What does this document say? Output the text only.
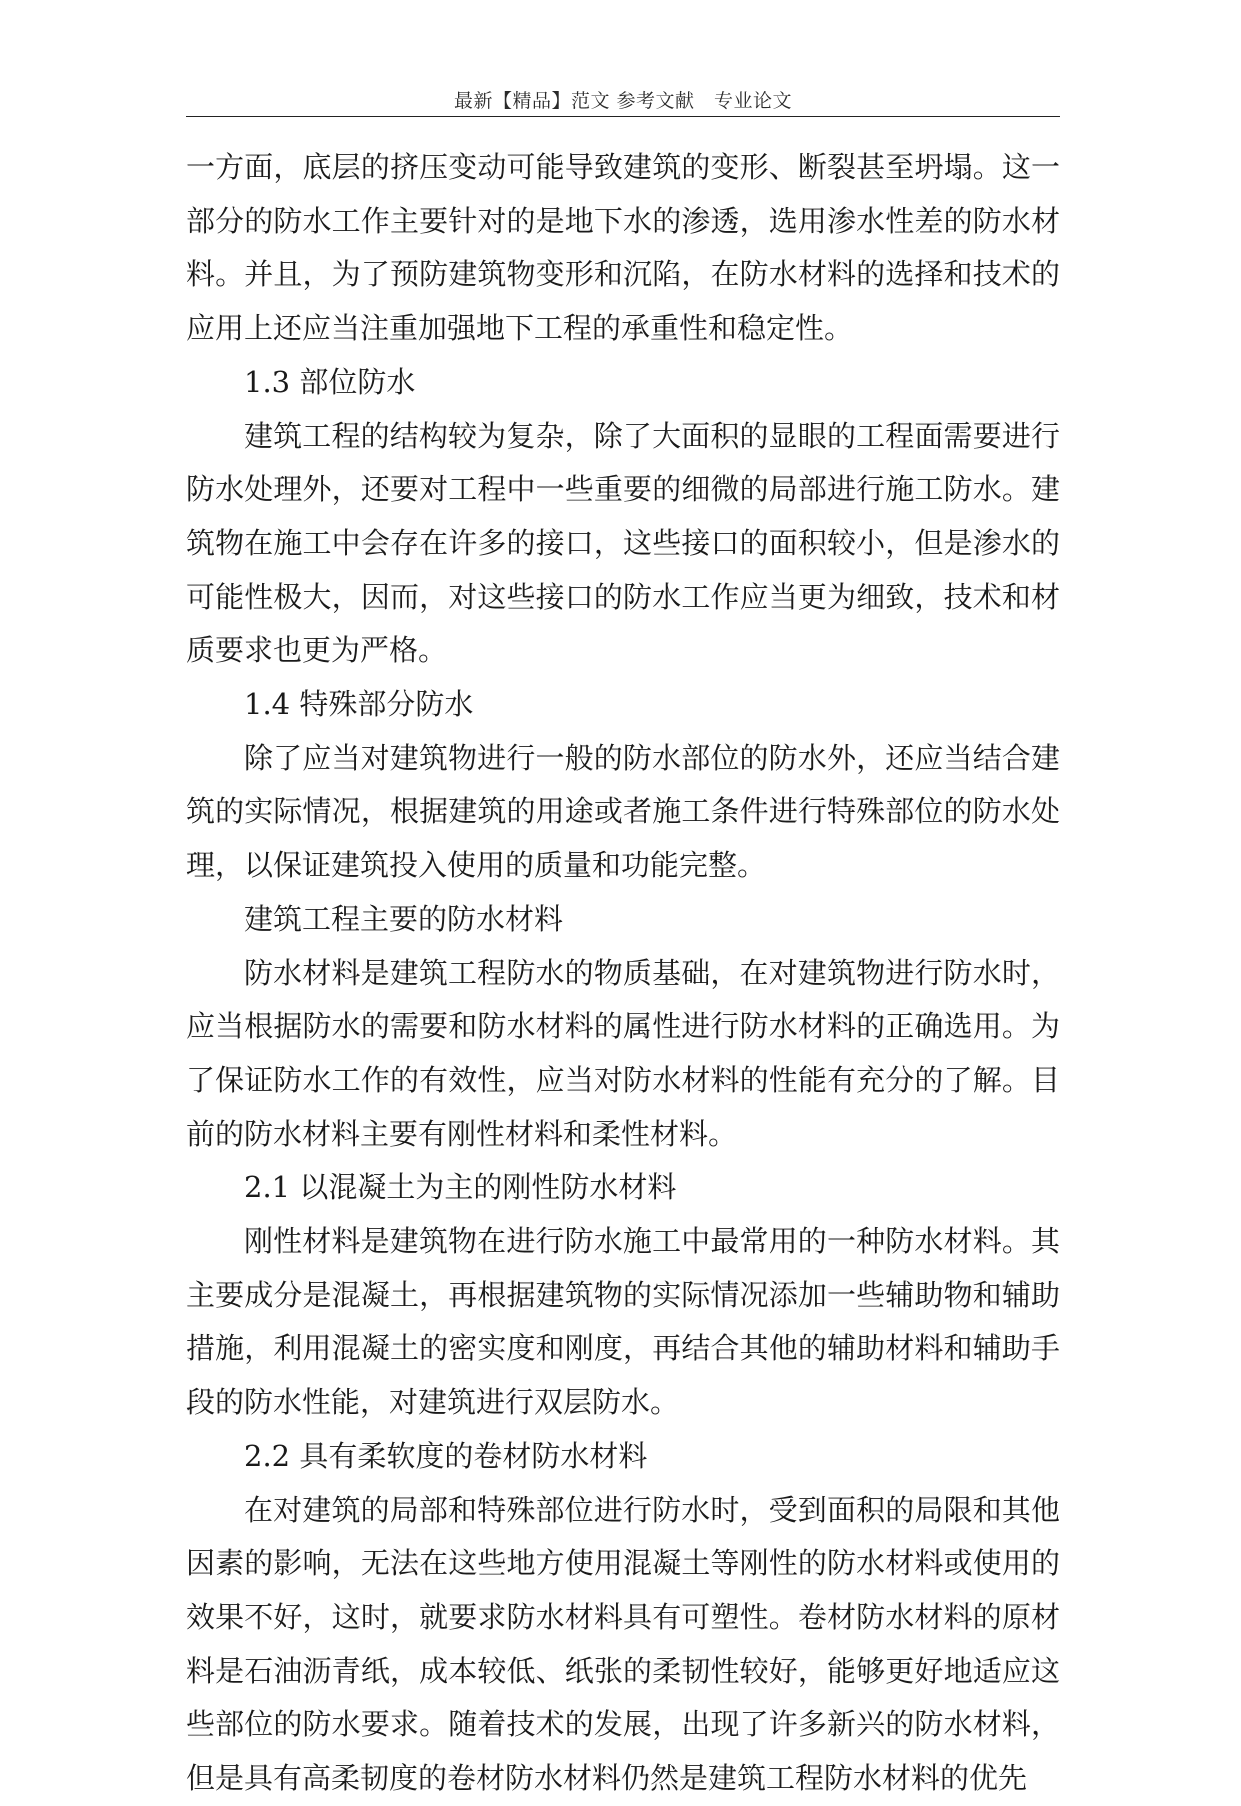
最新【精品】范文 参考文献　专业论文

一方面，底层的挤压变动可能导致建筑的变形、断裂甚至坍塌。这一部分的防水工作主要针对的是地下水的渗透，选用渗水性差的防水材料。并且，为了预防建筑物变形和沉陷，在防水材料的选择和技术的应用上还应当注重加强地下工程的承重性和稳定性。

1.3 部位防水

建筑工程的结构较为复杂，除了大面积的显眼的工程面需要进行防水处理外，还要对工程中一些重要的细微的局部进行施工防水。建筑物在施工中会存在许多的接口，这些接口的面积较小，但是渗水的可能性极大，因而，对这些接口的防水工作应当更为细致，技术和材质要求也更为严格。

1.4 特殊部分防水

除了应当对建筑物进行一般的防水部位的防水外，还应当结合建筑的实际情况，根据建筑的用途或者施工条件进行特殊部位的防水处理，以保证建筑投入使用的质量和功能完整。

建筑工程主要的防水材料

防水材料是建筑工程防水的物质基础，在对建筑物进行防水时，应当根据防水的需要和防水材料的属性进行防水材料的正确选用。为了保证防水工作的有效性，应当对防水材料的性能有充分的了解。目前的防水材料主要有刚性材料和柔性材料。

2.1 以混凝土为主的刚性防水材料

刚性材料是建筑物在进行防水施工中最常用的一种防水材料。其主要成分是混凝土，再根据建筑物的实际情况添加一些辅助物和辅助措施，利用混凝土的密实度和刚度，再结合其他的辅助材料和辅助手段的防水性能，对建筑进行双层防水。

2.2 具有柔软度的卷材防水材料

在对建筑的局部和特殊部位进行防水时，受到面积的局限和其他因素的影响，无法在这些地方使用混凝土等刚性的防水材料或使用的效果不好，这时，就要求防水材料具有可塑性。卷材防水材料的原材料是石油沥青纸，成本较低、纸张的柔韧性较好，能够更好地适应这些部位的防水要求。随着技术的发展，出现了许多新兴的防水材料，但是具有高柔韧度的卷材防水材料仍然是建筑工程防水材料的优先
